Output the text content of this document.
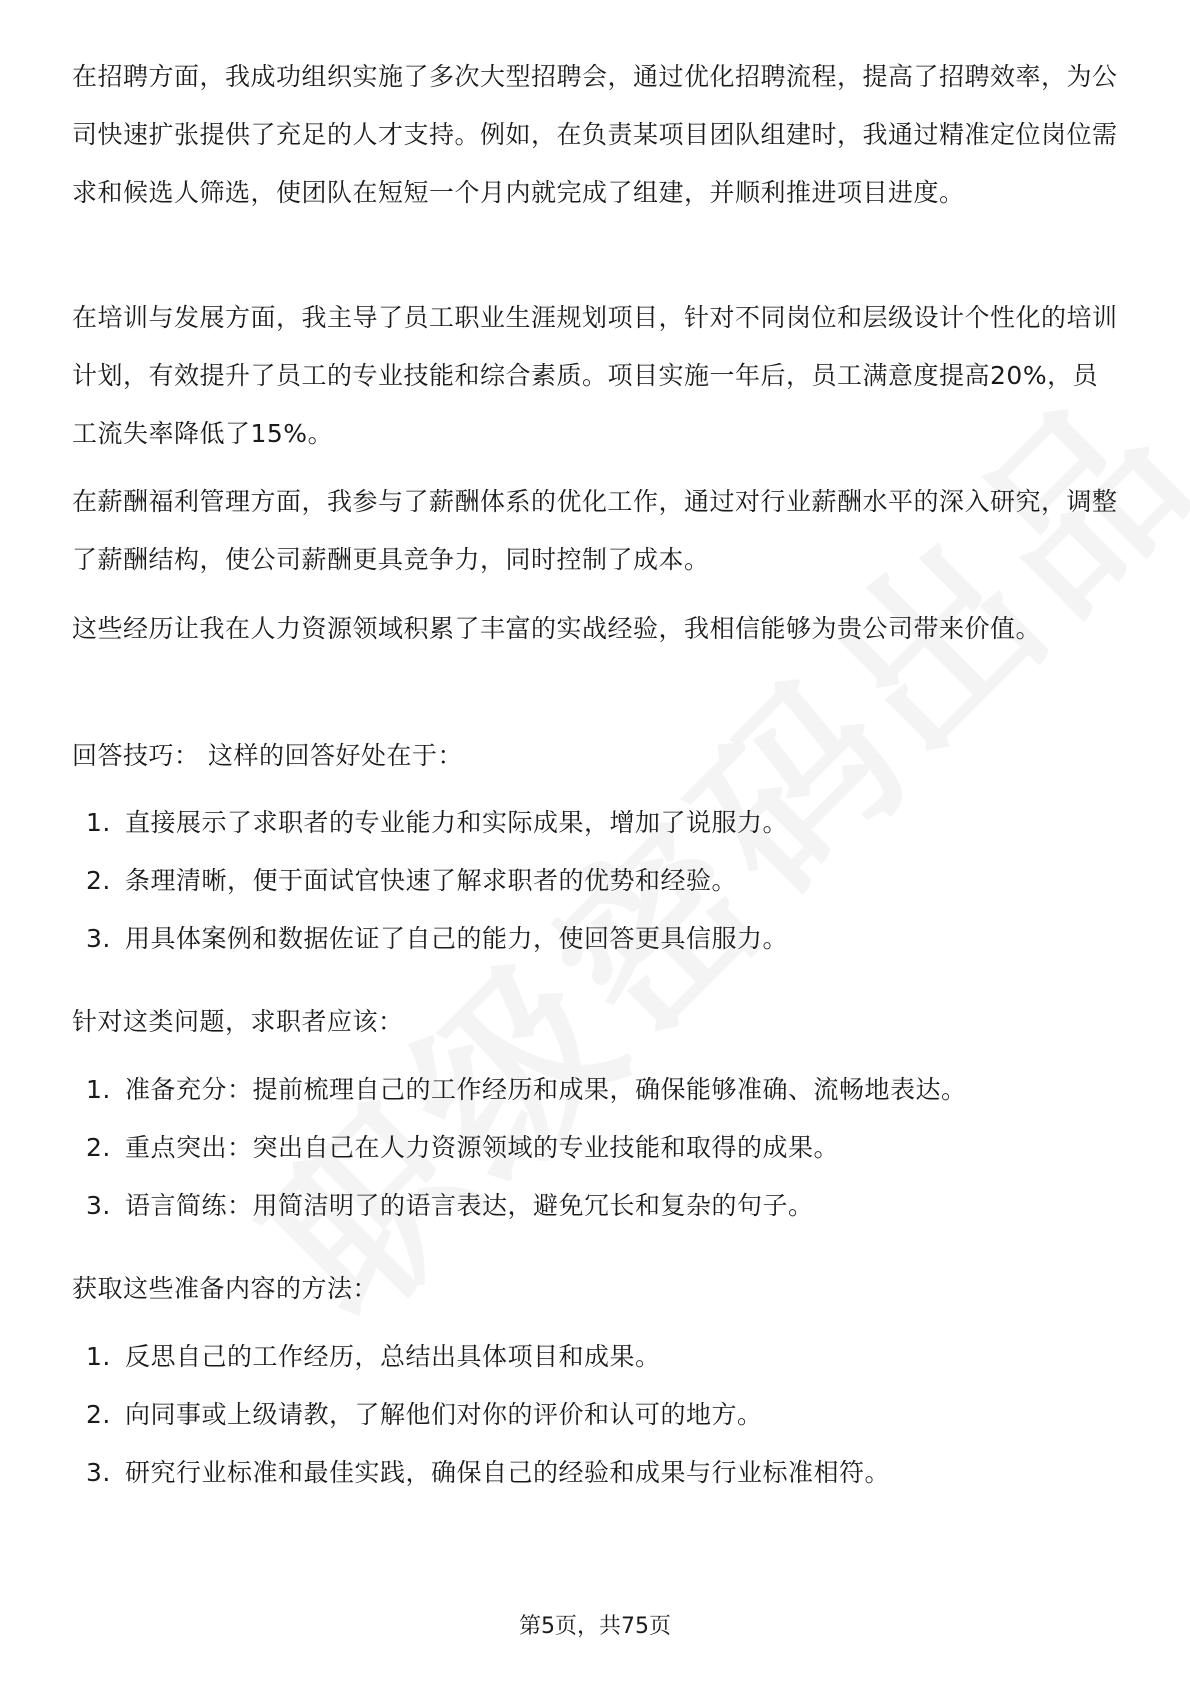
在招聘方面，我成功组织实施了多次大型招聘会，通过优化招聘流程，提高了招聘效率，为公司快速扩张提供了充足的人才支持。例如，在负责某项目团队组建时，我通过精准定位岗位需求和候选人筛选，使团队在短短一个月内就完成了组建，并顺利推进项目进度。

在培训与发展方面，我主导了员工职业生涯规划项目，针对不同岗位和层级设计个性化的培训计划，有效提升了员工的专业技能和综合素质。项目实施一年后，员工满意度提高20%，员工流失率降低了15%。

在薪酬福利管理方面，我参与了薪酬体系的优化工作，通过对行业薪酬水平的深入研究，调整了薪酬结构，使公司薪酬更具竞争力，同时控制了成本。

这些经历让我在人力资源领域积累了丰富的实战经验，我相信能够为贵公司带来价值。

回答技巧： 这样的回答好处在于：

1. 直接展示了求职者的专业能力和实际成果，增加了说服力。
2. 条理清晰，便于面试官快速了解求职者的优势和经验。
3. 用具体案例和数据佐证了自己的能力，使回答更具信服力。

针对这类问题，求职者应该：

1. 准备充分：提前梳理自己的工作经历和成果，确保能够准确、流畅地表达。
2. 重点突出：突出自己在人力资源领域的专业技能和取得的成果。
3. 语言简练：用简洁明了的语言表达，避免冗长和复杂的句子。

获取这些准备内容的方法：

1. 反思自己的工作经历，总结出具体项目和成果。
2. 向同事或上级请教，了解他们对你的评价和认可的地方。
3. 研究行业标准和最佳实践，确保自己的经验和成果与行业标准相符。
第5页，共75页
